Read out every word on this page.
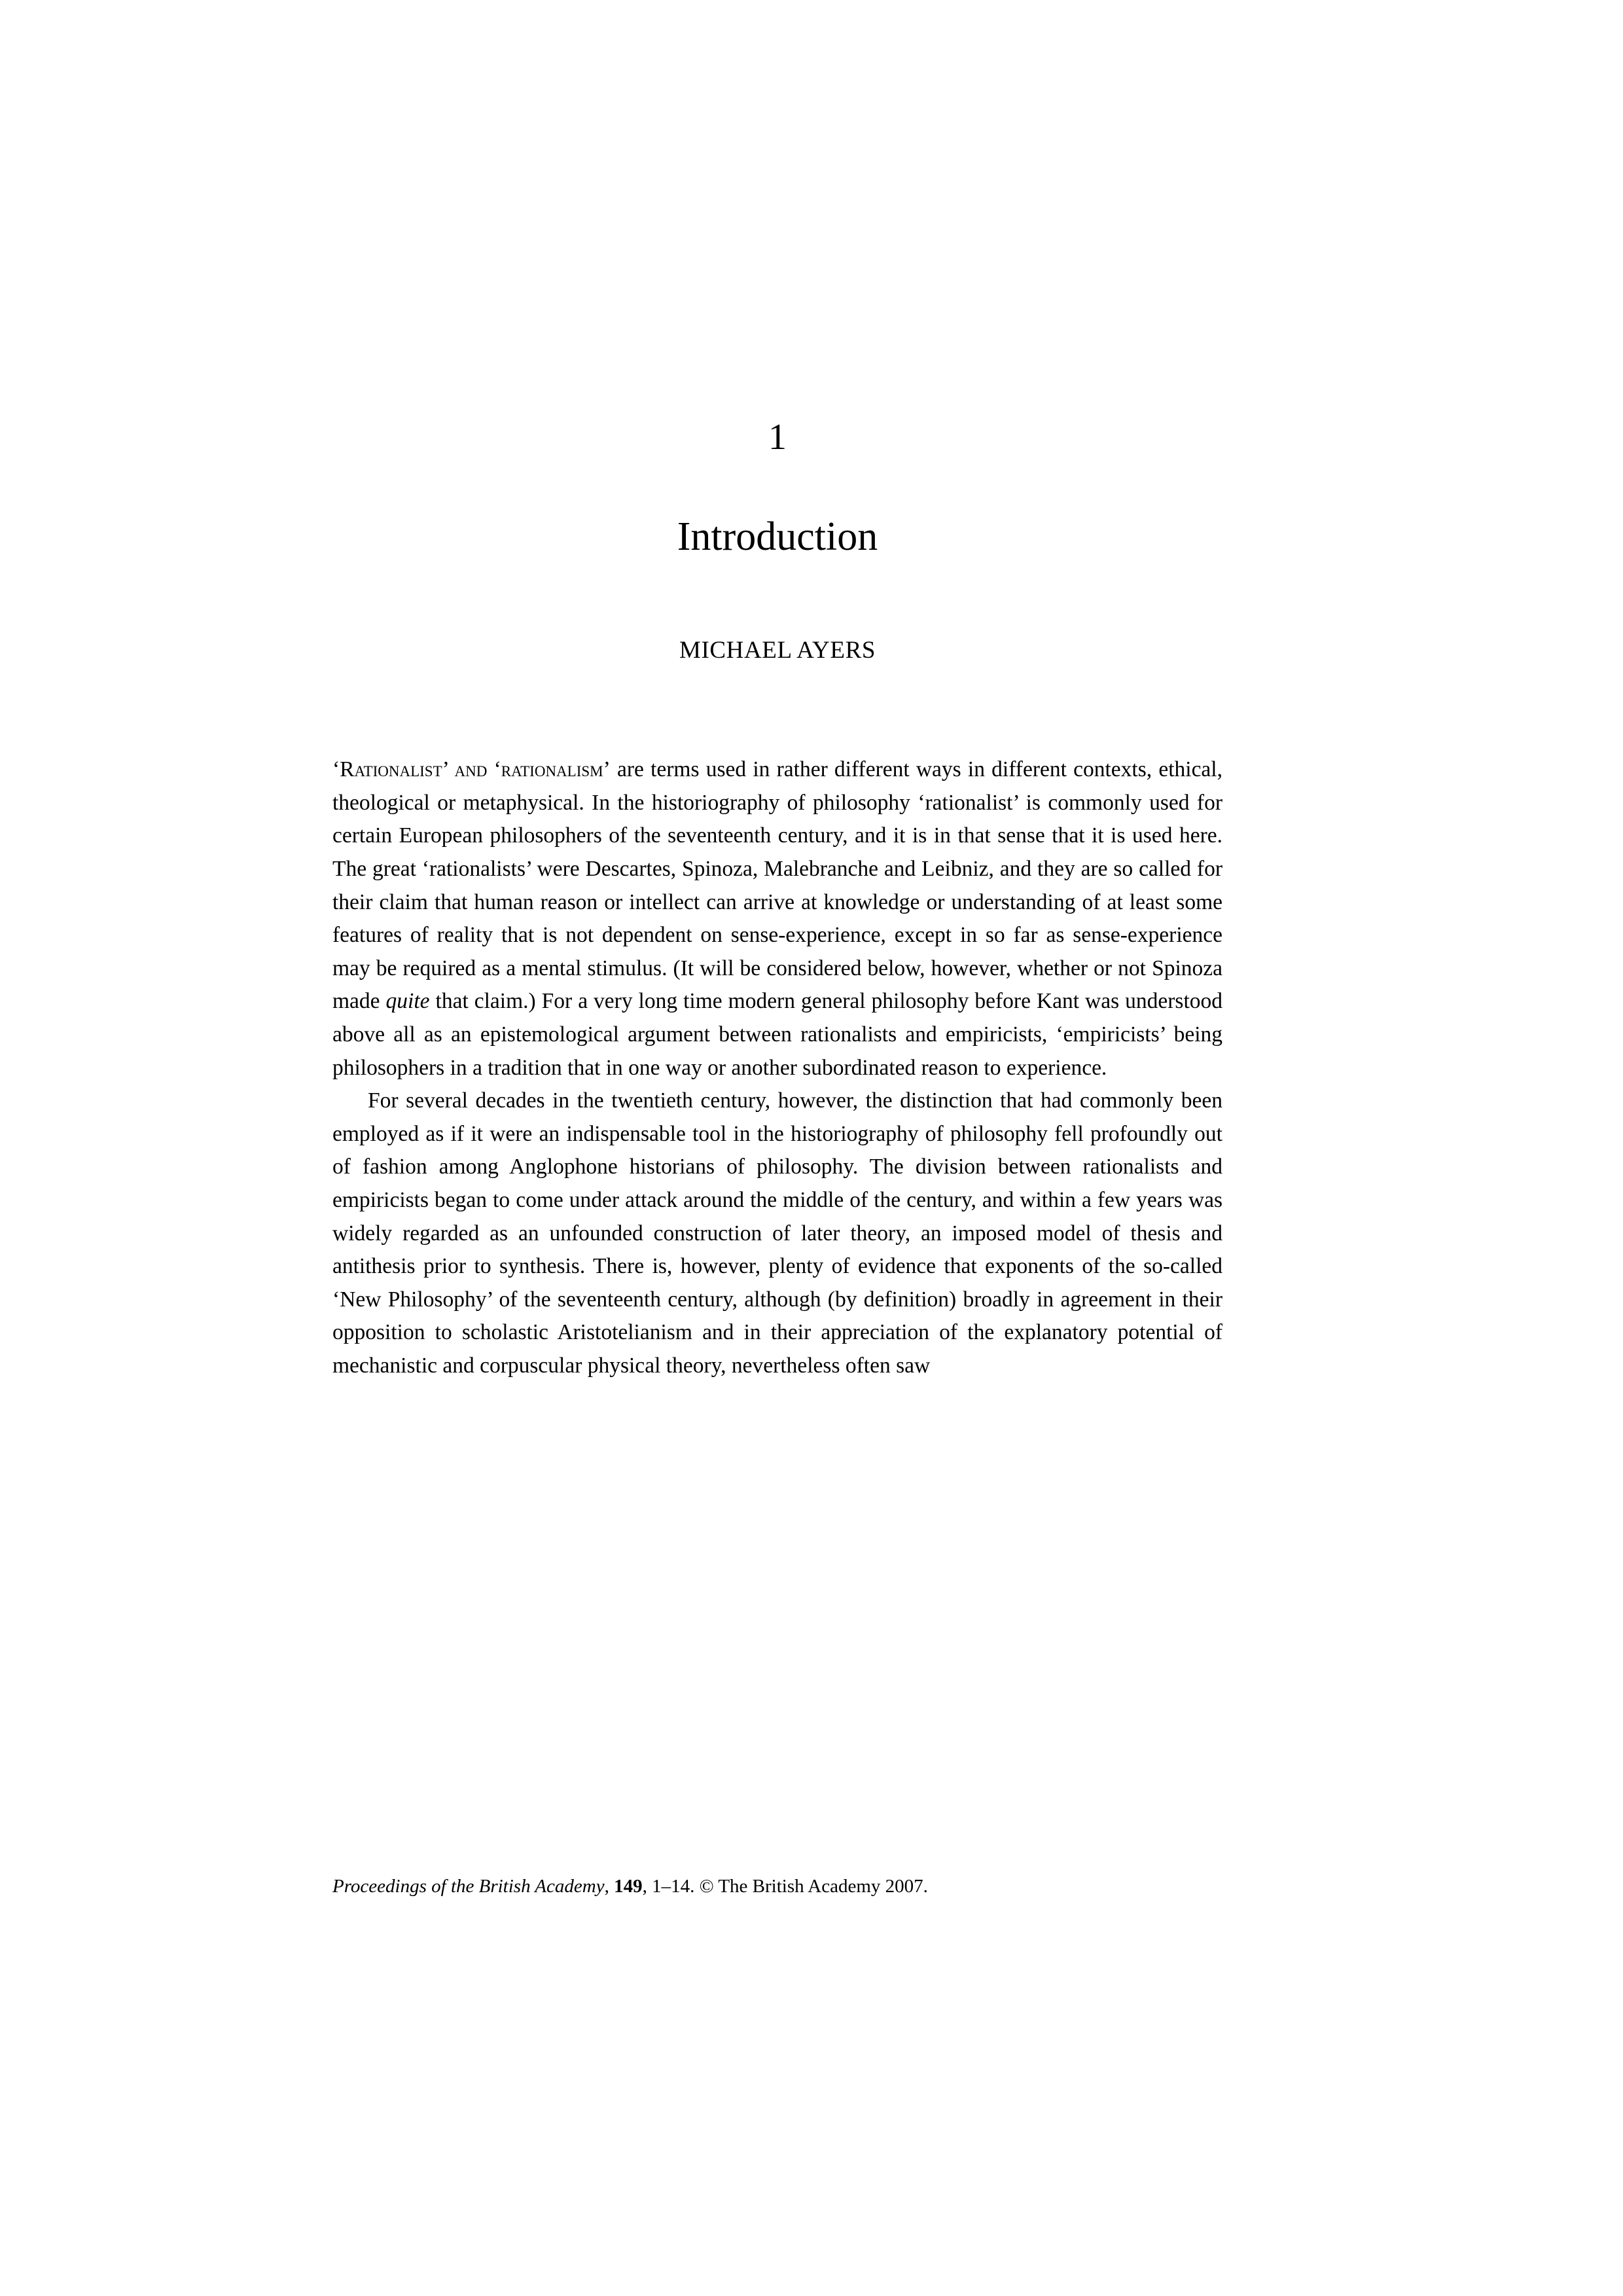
1
Introduction
MICHAEL AYERS

‘Rationalist’ and ‘rationalism’ are terms used in rather different ways in different contexts, ethical, theological or metaphysical. In the historiography of philosophy ‘rationalist’ is commonly used for certain European philosophers of the seventeenth century, and it is in that sense that it is used here. The great ‘rationalists’ were Descartes, Spinoza, Malebranche and Leibniz, and they are so called for their claim that human reason or intellect can arrive at knowledge or understanding of at least some features of reality that is not dependent on sense-experience, except in so far as sense-experience may be required as a mental stimulus. (It will be considered below, however, whether or not Spinoza made quite that claim.) For a very long time modern general philosophy before Kant was understood above all as an epistemological argument between rationalists and empiricists, ‘empiricists’ being philosophers in a tradition that in one way or another subordinated reason to experience.

For several decades in the twentieth century, however, the distinction that had commonly been employed as if it were an indispensable tool in the historiography of philosophy fell profoundly out of fashion among Anglophone historians of philosophy. The division between rationalists and empiricists began to come under attack around the middle of the century, and within a few years was widely regarded as an unfounded construction of later theory, an imposed model of thesis and antithesis prior to synthesis. There is, however, plenty of evidence that exponents of the so-called ‘New Philosophy’ of the seventeenth century, although (by definition) broadly in agreement in their opposition to scholastic Aristotelianism and in their appreciation of the explanatory potential of mechanistic and corpuscular physical theory, nevertheless often saw

Proceedings of the British Academy, 149, 1–14. © The British Academy 2007.
